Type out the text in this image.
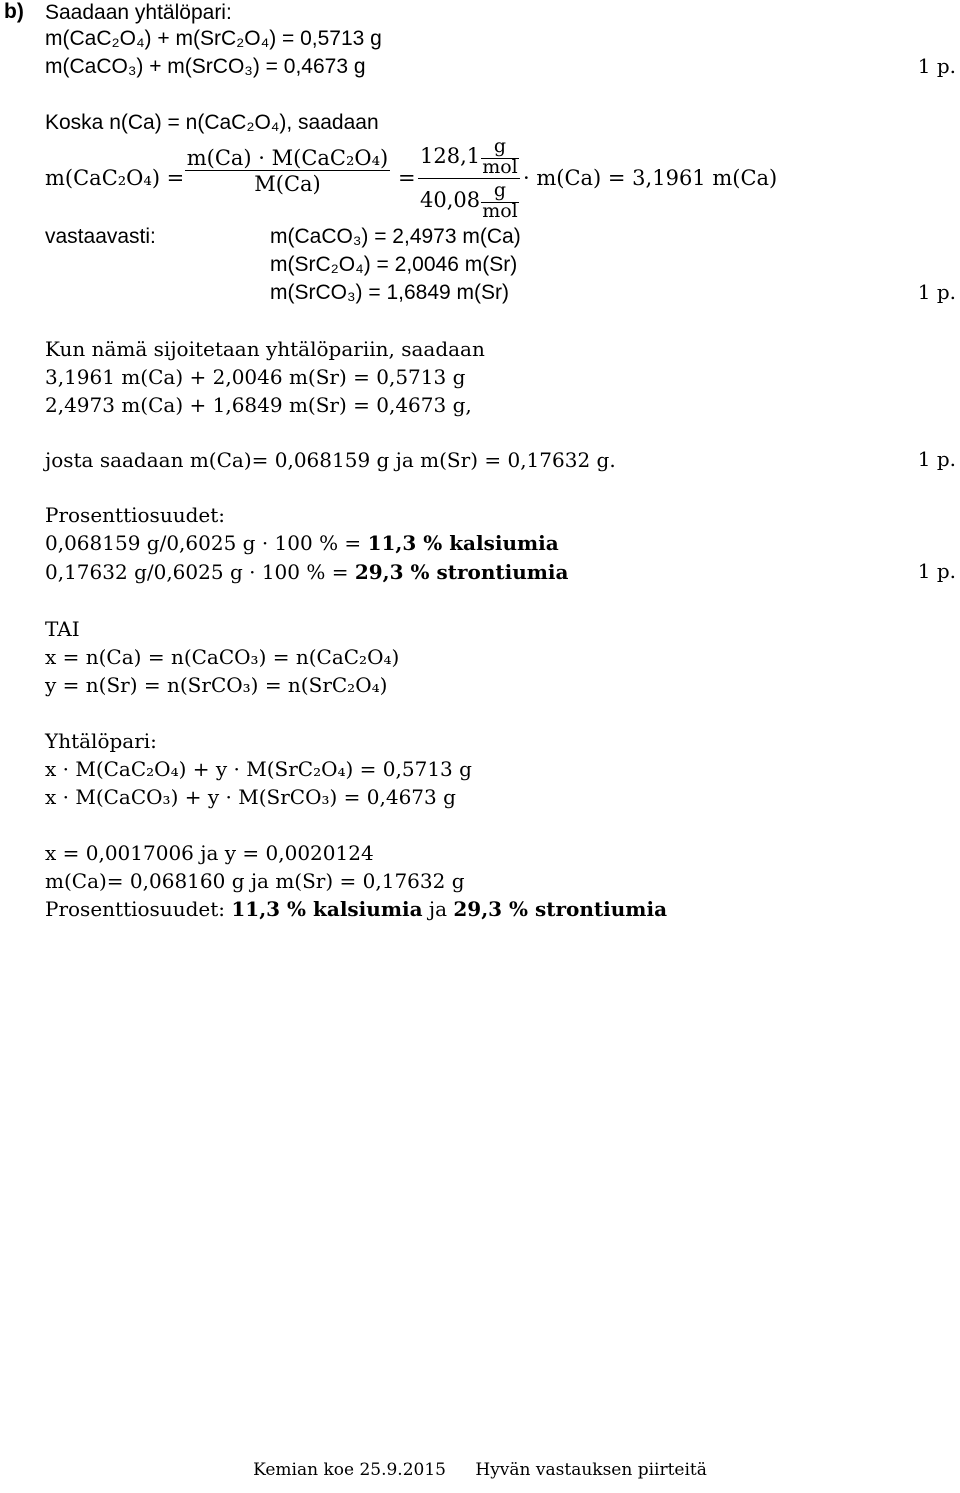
b) Saadaan yhtälöpari:
m(CaC₂O₄) + m(SrC₂O₄) = 0,5713 g
m(CaCO₃) + m(SrCO₃) = 0,4673 g	1 p.
Koska n(Ca) = n(CaC₂O₄), saadaan
m(CaC₂O₄) =
m(Ca) · M(CaC₂O₄)
M(Ca)	=
128,1 g
mol
40,08 g
mol
· m(Ca) = 3,1961 m(Ca)
vastaavasti:	m(CaCO₃) = 2,4973 m(Ca)
m(SrC₂O₄) = 2,0046 m(Sr)
m(SrCO₃) = 1,6849 m(Sr)	1 p.
Kun nämä sijoitetaan yhtälöpariin, saadaan
3,1961 m(Ca) + 2,0046 m(Sr) = 0,5713 g
2,4973 m(Ca) + 1,6849 m(Sr) = 0,4673 g,
josta saadaan m(Ca)= 0,068159 g ja m(Sr) = 0,17632 g.	1 p.
Prosenttiosuudet:
0,068159 g/0,6025 g · 100 % = 11,3 % kalsiumia
0,17632 g/0,6025 g · 100 % = 29,3 % strontiumia	1 p.
TAI
x = n(Ca) = n(CaCO₃) = n(CaC₂O₄)
y = n(Sr) = n(SrCO₃) = n(SrC₂O₄)
Yhtälöpari:
x · M(CaC₂O₄) + y · M(SrC₂O₄) = 0,5713 g
x · M(CaCO₃) + y · M(SrCO₃) = 0,4673 g
x = 0,0017006 ja y = 0,0020124
m(Ca)= 0,068160 g ja m(Sr) = 0,17632 g
Prosenttiosuudet: 11,3 % kalsiumia ja 29,3 % strontiumia
Kemian koe 25.9.2015 Hyvän vastauksen piirteitä
